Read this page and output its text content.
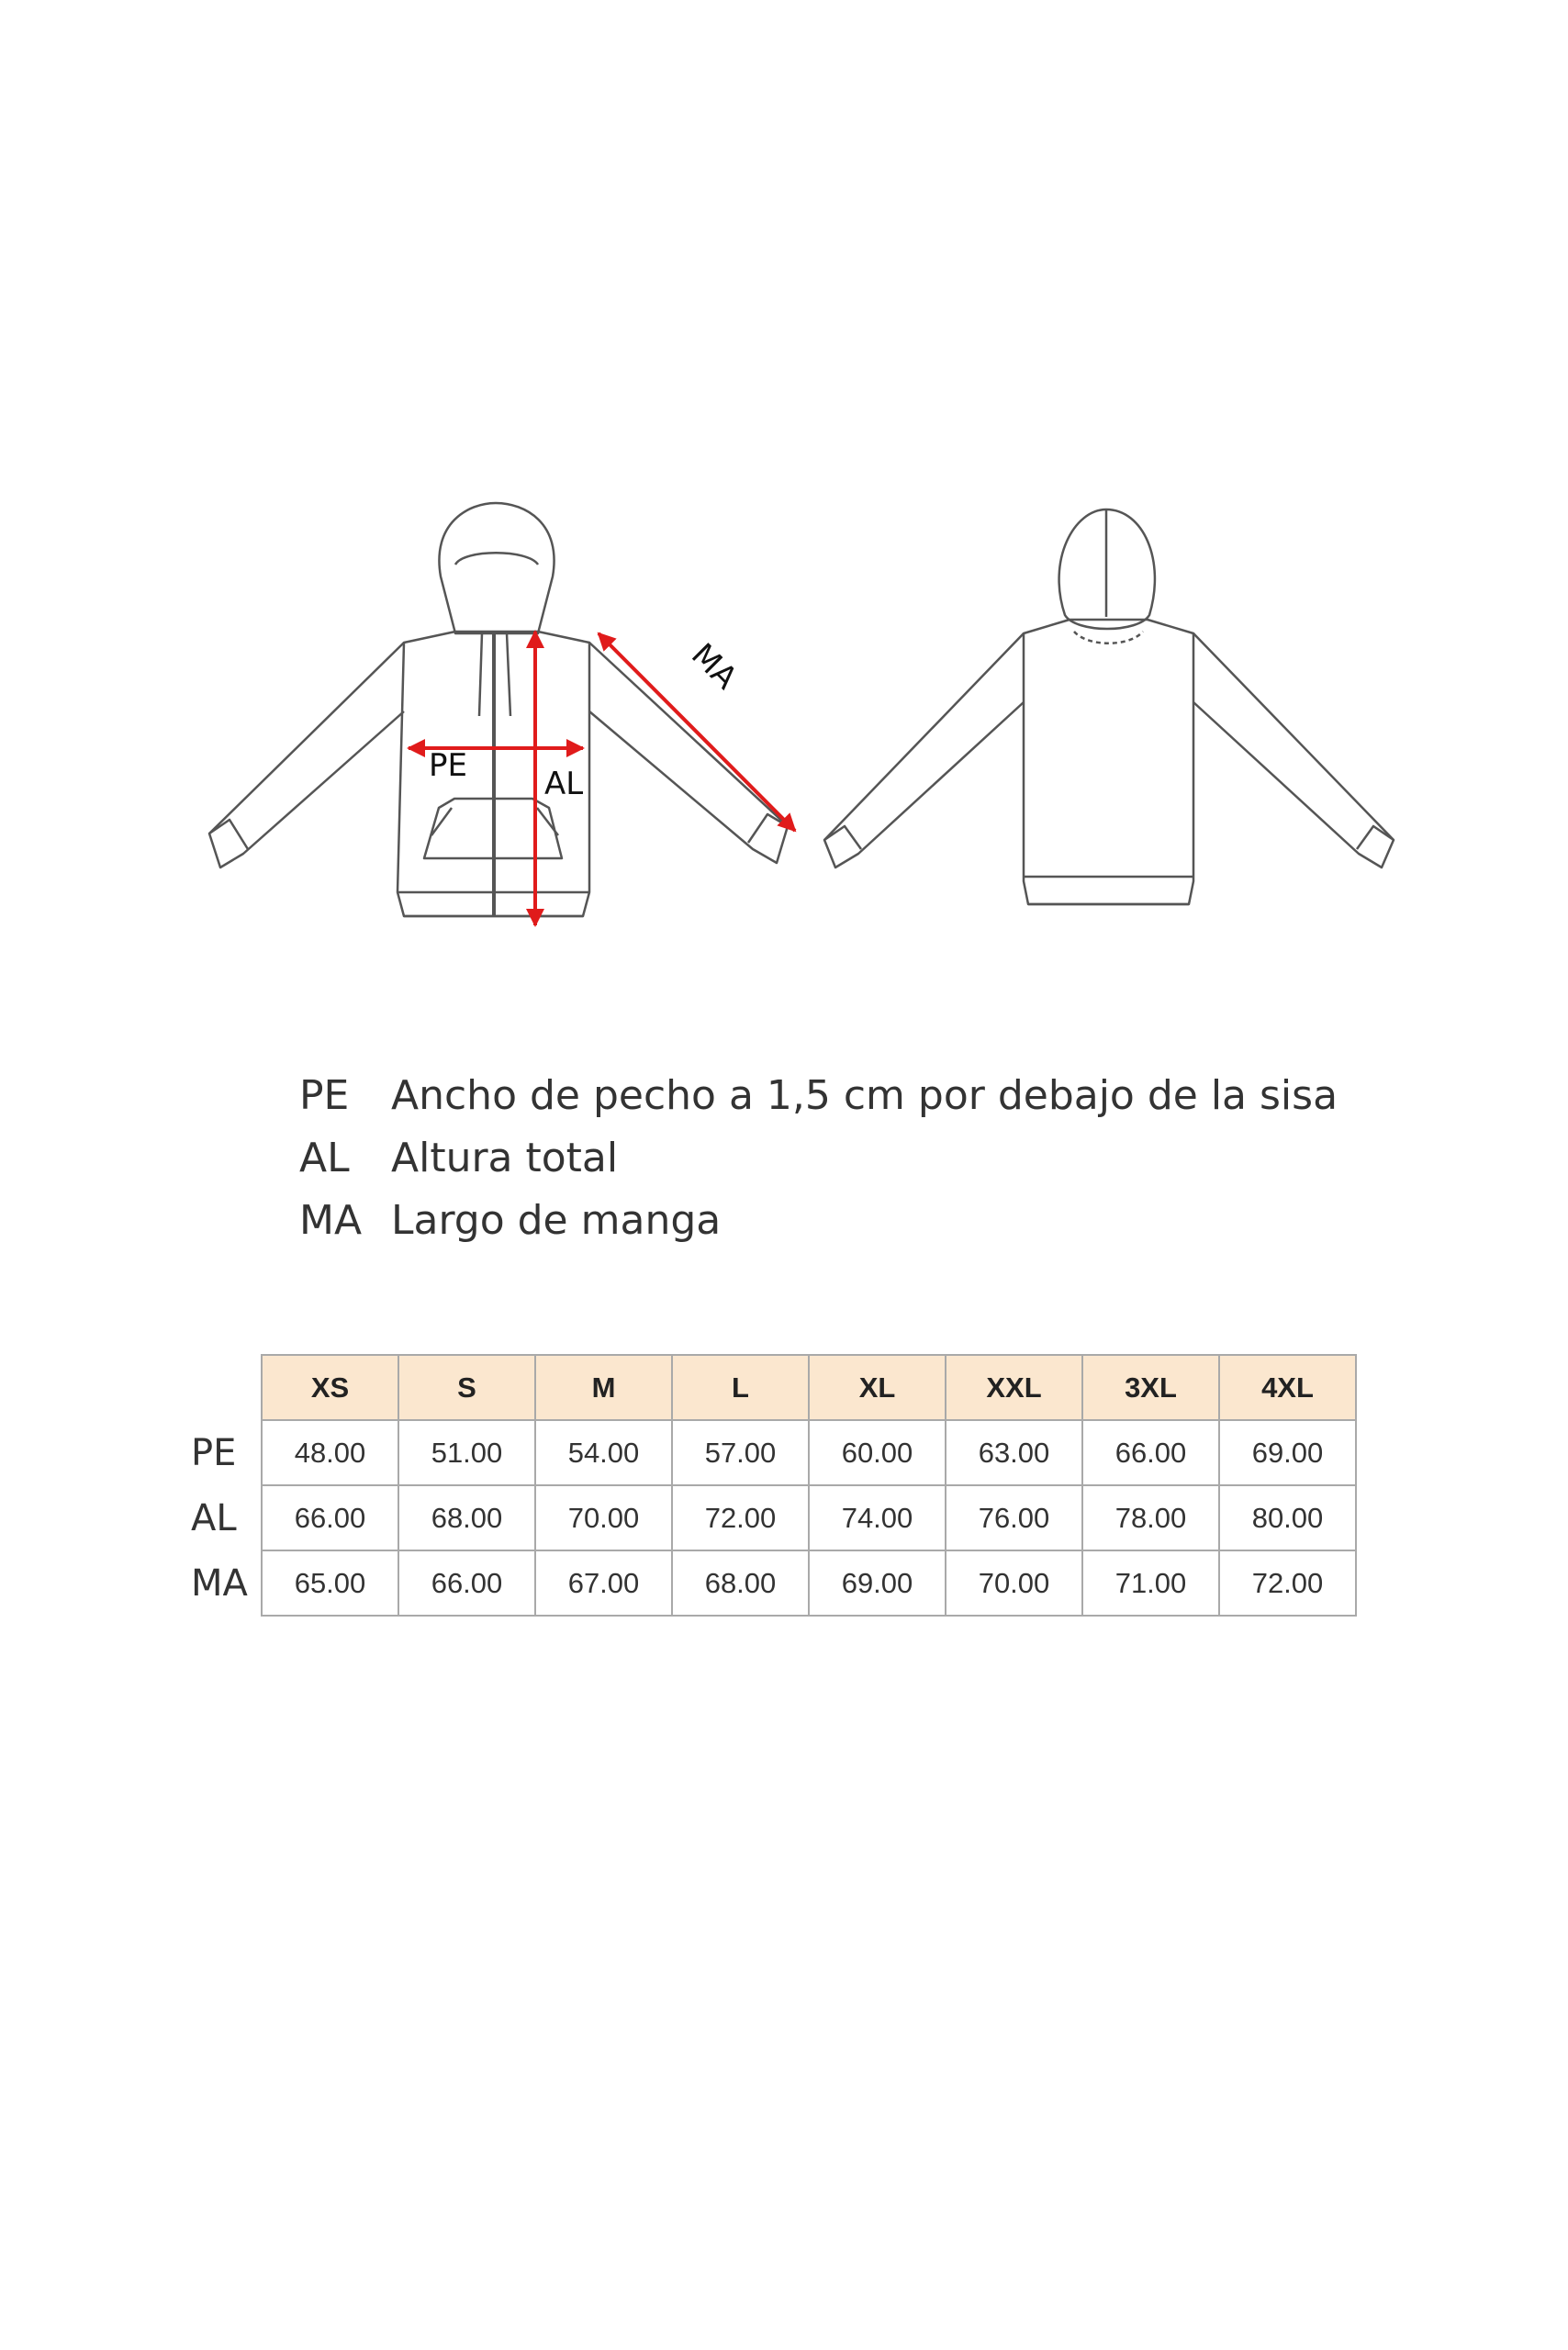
PE AL
MA
PE	Ancho de pecho a 1,5 cm por debajo de la sisa
AL	Altura total
MA Largo de manga
	XS	S	M	L	XL	XXL	3XL	4XL
PE	48.00	51.00	54.00	57.00	60.00	63.00	66.00	69.00
AL	66.00	68.00	70.00	72.00	74.00	76.00	78.00	80.00
MA	65.00	66.00	67.00	68.00	69.00	70.00	71.00	72.00
